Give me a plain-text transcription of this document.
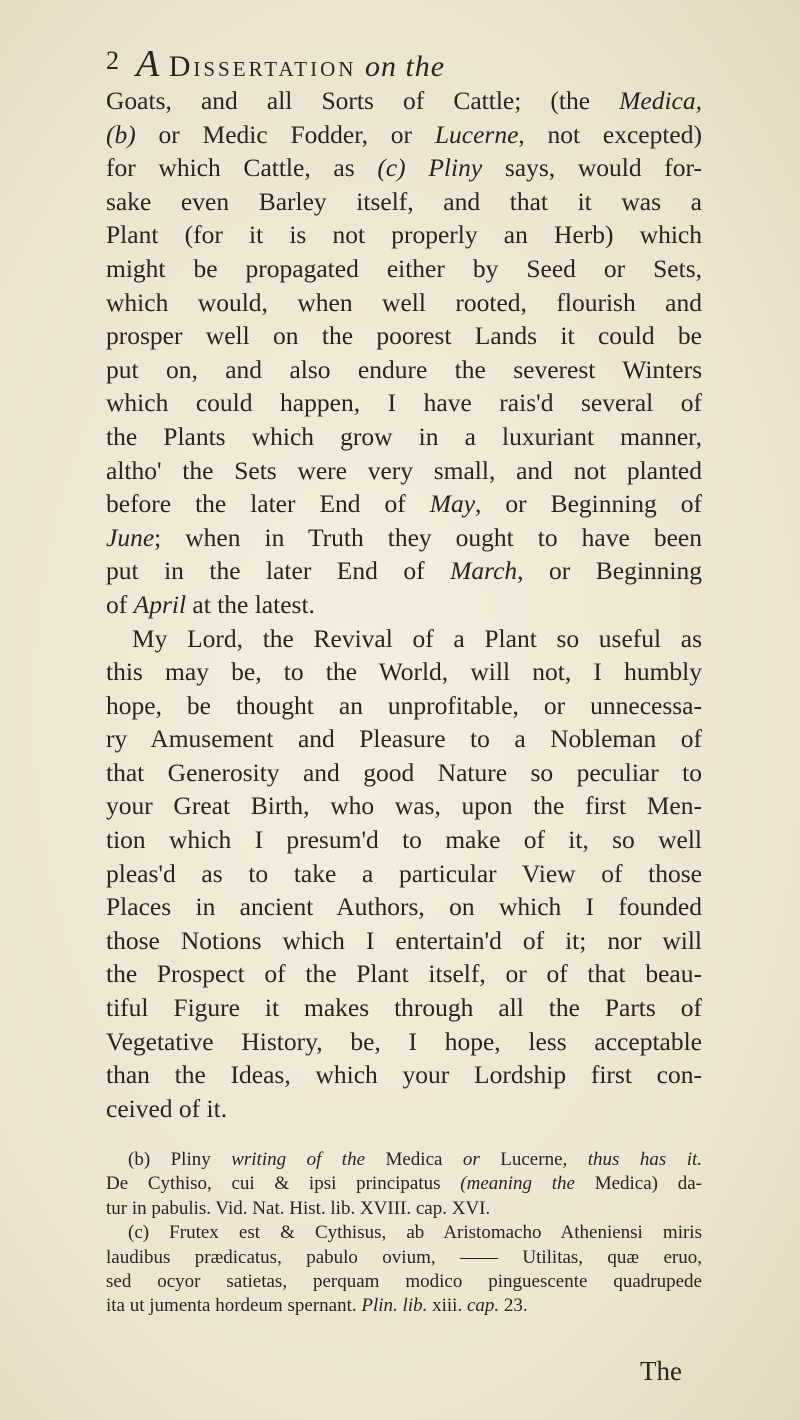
2 A Dissertation on the
Goats, and all Sorts of Cattle; (the Medica,
(b) or Medic Fodder, or Lucerne, not excepted)
for which Cattle, as (c) Pliny says, would for-
sake even Barley itself, and that it was a
Plant (for it is not properly an Herb) which
might be propagated either by Seed or Sets,
which would, when well rooted, flourish and
prosper well on the poorest Lands it could be
put on, and also endure the severest Winters
which could happen, I have rais'd several of
the Plants which grow in a luxuriant manner,
altho' the Sets were very small, and not planted
before the later End of May, or Beginning of
June; when in Truth they ought to have been
put in the later End of March, or Beginning
of April at the latest.
My Lord, the Revival of a Plant so useful as
this may be, to the World, will not, I humbly
hope, be thought an unprofitable, or unnecessa-
ry Amusement and Pleasure to a Nobleman of
that Generosity and good Nature so peculiar to
your Great Birth, who was, upon the first Men-
tion which I presum'd to make of it, so well
pleas'd as to take a particular View of those
Places in ancient Authors, on which I founded
those Notions which I entertain'd of it; nor will
the Prospect of the Plant itself, or of that beau-
tiful Figure it makes through all the Parts of
Vegetative History, be, I hope, less acceptable
than the Ideas, which your Lordship first con-
ceived of it.
(b) Pliny writing of the Medica or Lucerne, thus has it.
De Cythiso, cui & ipsi principatus (meaning the Medica) da-
tur in pabulis. Vid. Nat. Hist. lib. XVIII. cap. XVI.
(c) Frutex est & Cythisus, ab Aristomacho Atheniensi miris
laudibus prædicatus, pabulo ovium, —— Utilitas, quæ eruo,
sed ocyor satietas, perquam modico pinguescente quadrupede
ita ut jumenta hordeum spernant. Plin. lib. xiii. cap. 23.
The
